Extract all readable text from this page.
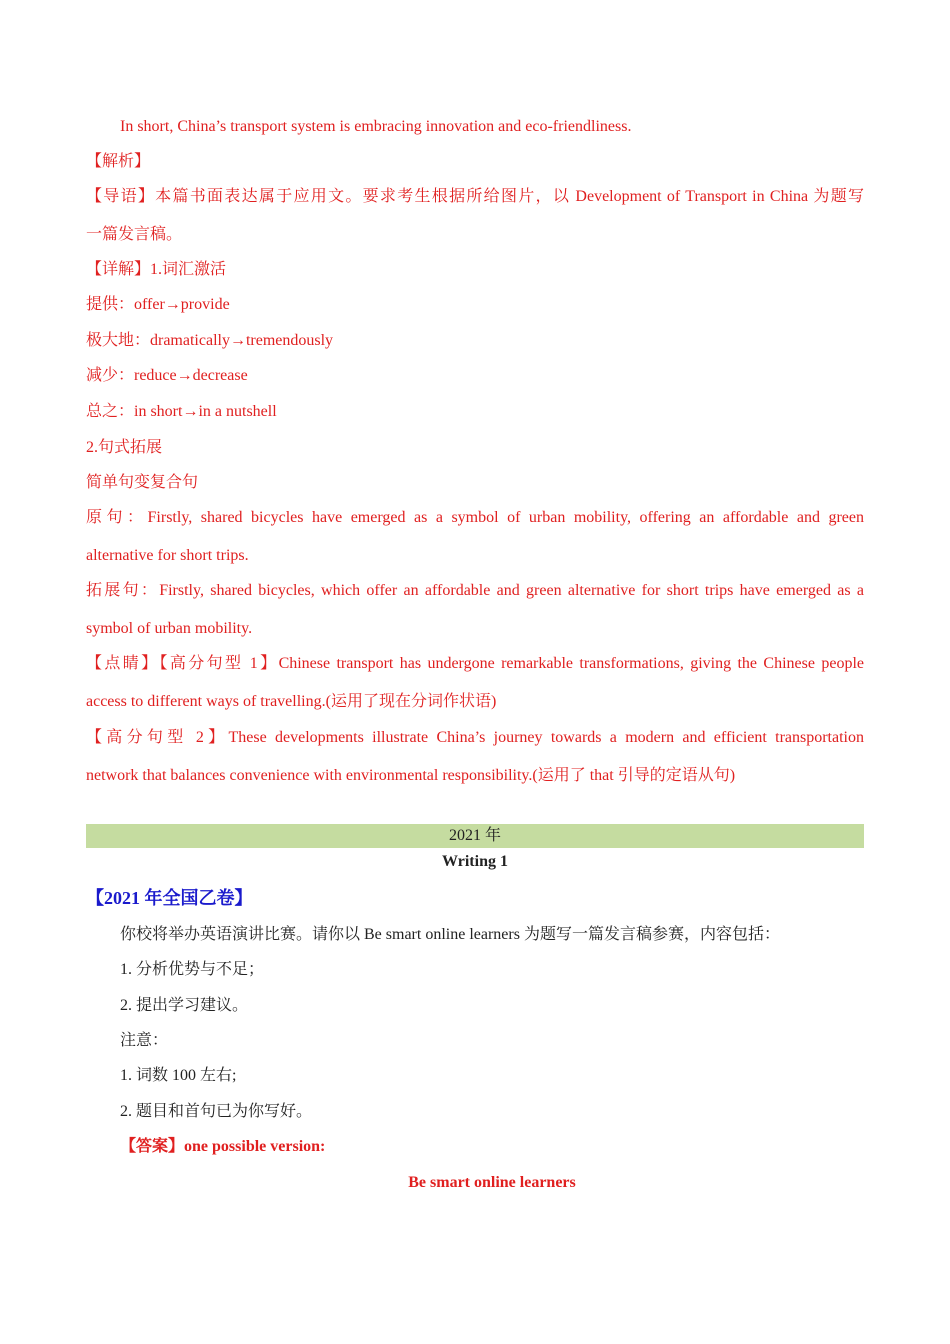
In short, China’s transport system is embracing innovation and eco-friendliness.
【解析】
【导语】本篇书面表达属于应用文。要求考生根据所给图片，以 Development of Transport in China 为题写
一篇发言稿。
【详解】1.词汇激活
提供：offer→provide
极大地：dramatically→tremendously
减少：reduce→decrease
总之：in short→in a nutshell
2.句式拓展
简单句变复合句
原句：Firstly, shared bicycles have emerged as a symbol of urban mobility, offering an affordable and green
alternative for short trips.
拓展句：Firstly, shared bicycles, which offer an affordable and green alternative for short trips have emerged as a
symbol of urban mobility.
【点睛】【高分句型 1】Chinese transport has undergone remarkable transformations, giving the Chinese people
access to different ways of travelling.(运用了现在分词作状语)
【高分句型 2】These developments illustrate China’s journey towards a modern and efficient transportation
network that balances convenience with environmental responsibility.(运用了 that 引导的定语从句)
2021 年
Writing 1
【2021 年全国乙卷】
你校将举办英语演讲比赛。请你以 Be smart online learners 为题写一篇发言稿参赛，内容包括：
1. 分析优势与不足；
2. 提出学习建议。
注意：
1. 词数 100 左右;
2. 题目和首句已为你写好。
【答案】one possible version:
Be smart online learners
